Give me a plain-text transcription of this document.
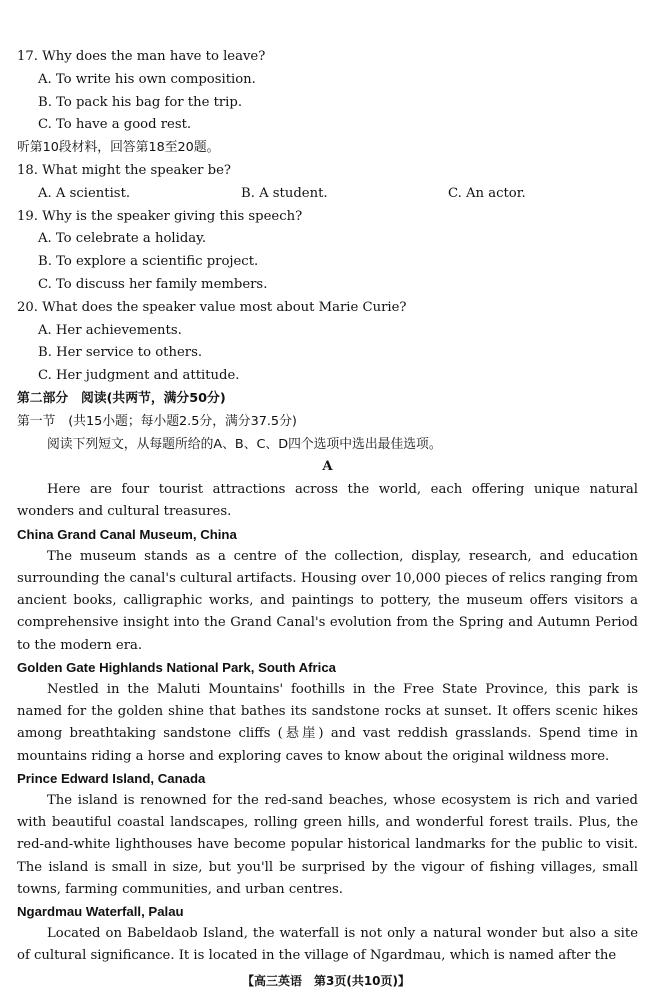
17. Why does the man have to leave?
A. To write his own composition.
B. To pack his bag for the trip.
C. To have a good rest.
听第10段材料，回答第18至20题。
18. What might the speaker be?
A. A scientist.	B. A student.	C. An actor.
19. Why is the speaker giving this speech?
A. To celebrate a holiday.
B. To explore a scientific project.
C. To discuss her family members.
20. What does the speaker value most about Marie Curie?
A. Her achievements.
B. Her service to others.
C. Her judgment and attitude.
第二部分　阅读(共两节，满分50分)
第一节　(共15小题；每小题2.5分，满分37.5分)
阅读下列短文，从每题所给的A、B、C、D四个选项中选出最佳选项。
A
Here are four tourist attractions across the world, each offering unique natural wonders and cultural treasures.
China Grand Canal Museum, China
The museum stands as a centre of the collection, display, research, and education surrounding the canal's cultural artifacts. Housing over 10,000 pieces of relics ranging from ancient books, calligraphic works, and paintings to pottery, the museum offers visitors a comprehensive insight into the Grand Canal's evolution from the Spring and Autumn Period to the modern era.
Golden Gate Highlands National Park, South Africa
Nestled in the Maluti Mountains' foothills in the Free State Province, this park is named for the golden shine that bathes its sandstone rocks at sunset. It offers scenic hikes among breathtaking sandstone cliffs (悬崖) and vast reddish grasslands. Spend time in mountains riding a horse and exploring caves to know about the original wildness more.
Prince Edward Island, Canada
The island is renowned for the red-sand beaches, whose ecosystem is rich and varied with beautiful coastal landscapes, rolling green hills, and wonderful forest trails. Plus, the red-and-white lighthouses have become popular historical landmarks for the public to visit. The island is small in size, but you'll be surprised by the vigour of fishing villages, small towns, farming communities, and urban centres.
Ngardmau Waterfall, Palau
Located on Babeldaob Island, the waterfall is not only a natural wonder but also a site of cultural significance. It is located in the village of Ngardmau, which is named after the
【高三英语　第3页(共10页)】
